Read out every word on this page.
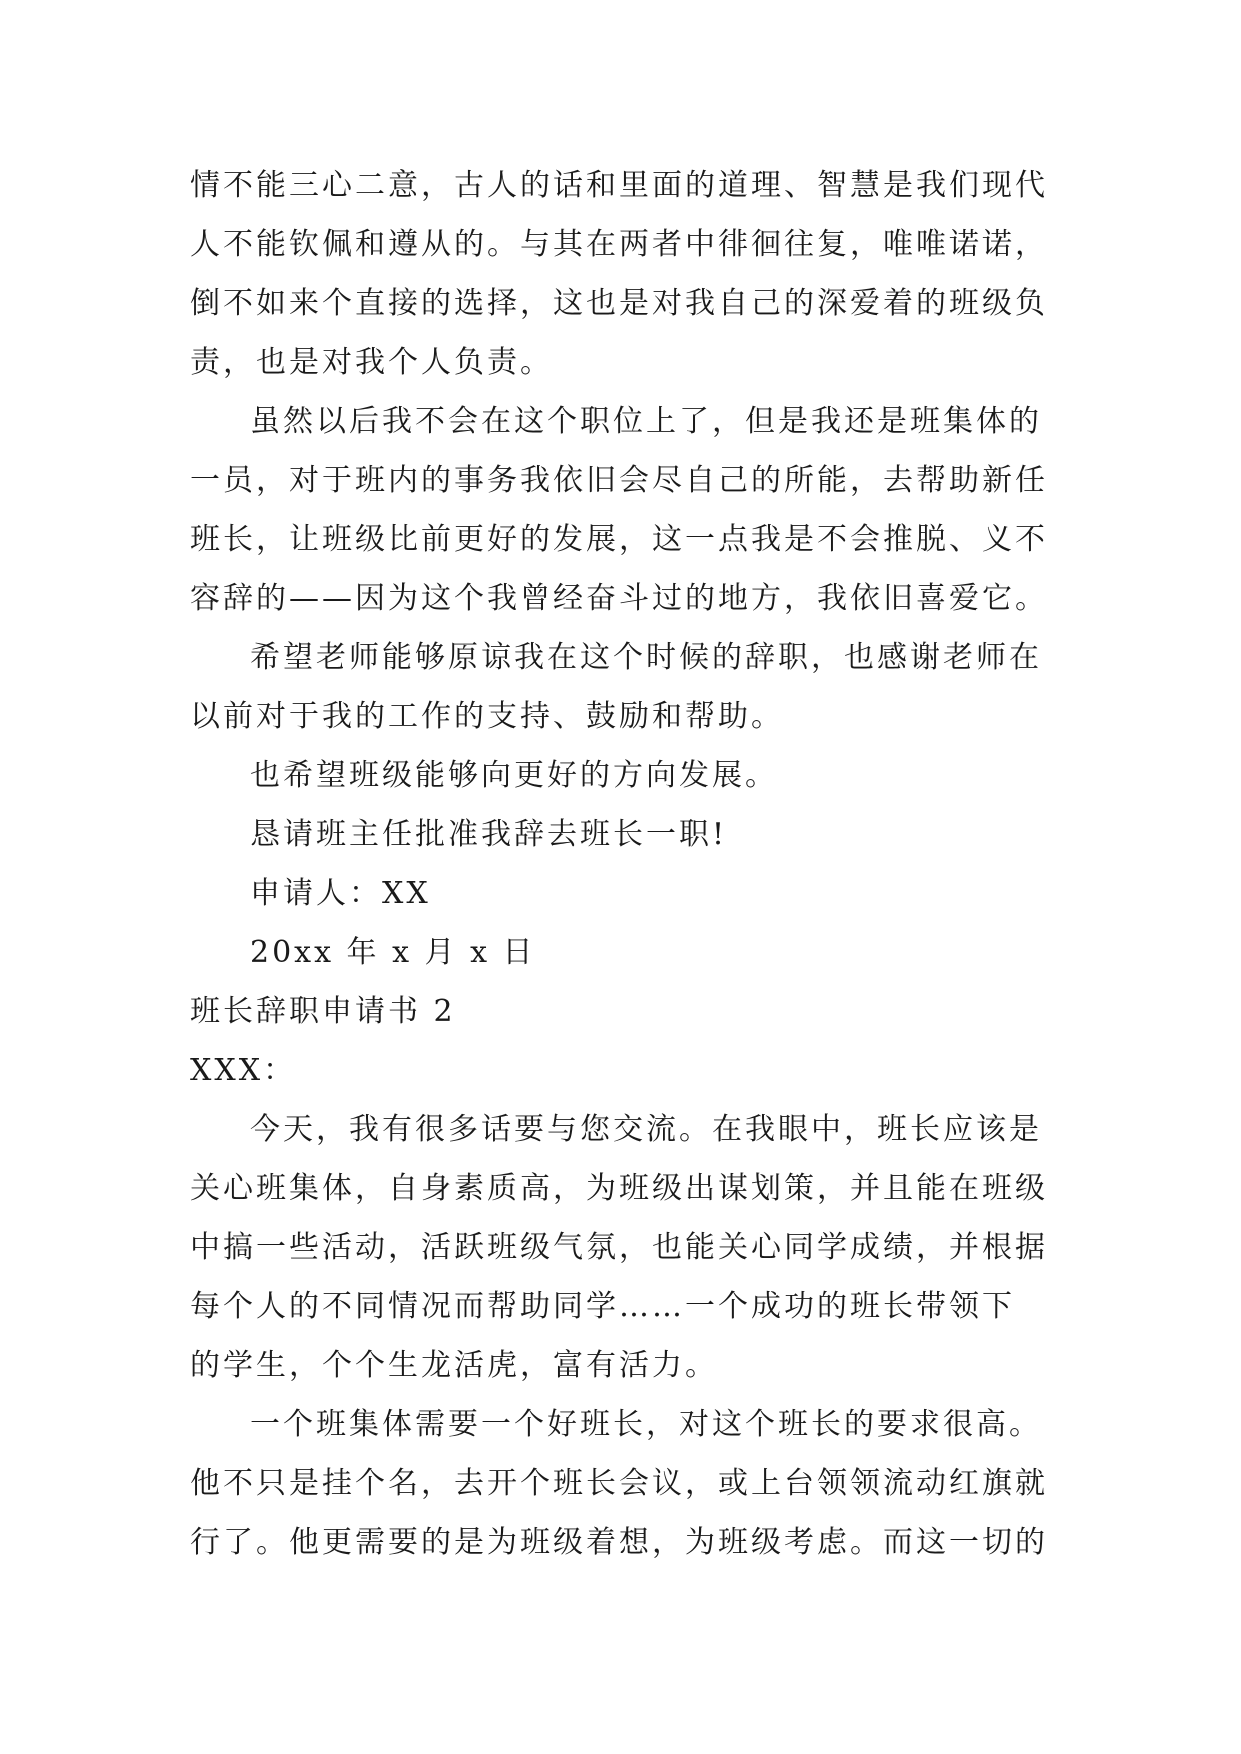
情不能三心二意，古人的话和里面的道理、智慧是我们现代
人不能钦佩和遵从的。与其在两者中徘徊往复，唯唯诺诺，
倒不如来个直接的选择，这也是对我自己的深爱着的班级负
责，也是对我个人负责。
虽然以后我不会在这个职位上了，但是我还是班集体的
一员，对于班内的事务我依旧会尽自己的所能，去帮助新任
班长，让班级比前更好的发展，这一点我是不会推脱、义不
容辞的——因为这个我曾经奋斗过的地方，我依旧喜爱它。
希望老师能够原谅我在这个时候的辞职，也感谢老师在
以前对于我的工作的支持、鼓励和帮助。
也希望班级能够向更好的方向发展。
恳请班主任批准我辞去班长一职!
申请人：XX
20xx 年 x 月 x 日
班长辞职申请书 2
XXX：
今天，我有很多话要与您交流。在我眼中，班长应该是
关心班集体，自身素质高，为班级出谋划策，并且能在班级
中搞一些活动，活跃班级气氛，也能关心同学成绩，并根据
每个人的不同情况而帮助同学……一个成功的班长带领下
的学生，个个生龙活虎，富有活力。
一个班集体需要一个好班长，对这个班长的要求很高。
他不只是挂个名，去开个班长会议，或上台领领流动红旗就
行了。他更需要的是为班级着想，为班级考虑。而这一切的
